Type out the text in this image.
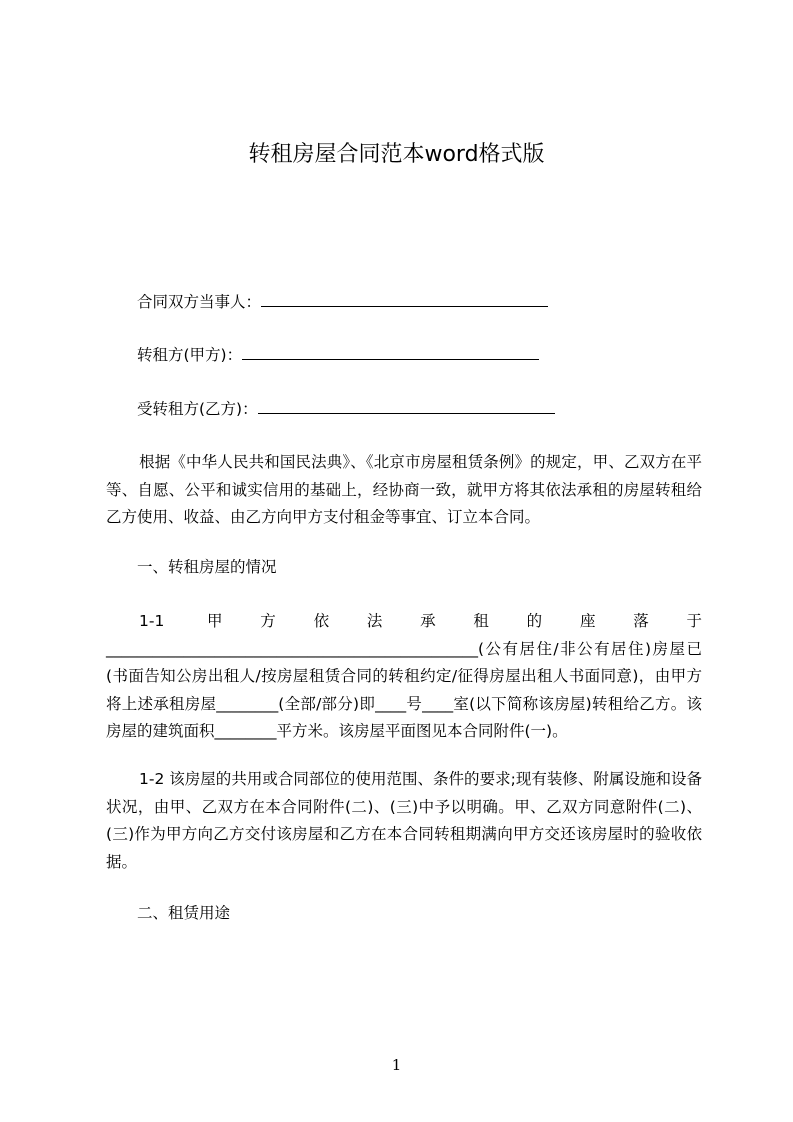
转租房屋合同范本word格式版

合同双方当事人：

转租方(甲方)：

受转租方(乙方)：

根据《中华人民共和国民法典》、《北京市房屋租赁条例》的规定，甲、乙双方在平等、自愿、公平和诚实信用的基础上，经协商一致，就甲方将其依法承租的房屋转租给乙方使用、收益、由乙方向甲方支付租金等事宜、订立本合同。

一、转租房屋的情况

1-1 甲方依法承租的座落于________________________________________________(公有居住/非公有居住)房屋已(书面告知公房出租人/按房屋租赁合同的转租约定/征得房屋出租人书面同意)，由甲方将上述承租房屋________(全部/部分)即____号____室(以下简称该房屋)转租给乙方。该房屋的建筑面积________平方米。该房屋平面图见本合同附件(一)。

1-2 该房屋的共用或合同部位的使用范围、条件的要求;现有装修、附属设施和设备状况，由甲、乙双方在本合同附件(二)、(三)中予以明确。甲、乙双方同意附件(二)、(三)作为甲方向乙方交付该房屋和乙方在本合同转租期满向甲方交还该房屋时的验收依据。

二、租赁用途

1
